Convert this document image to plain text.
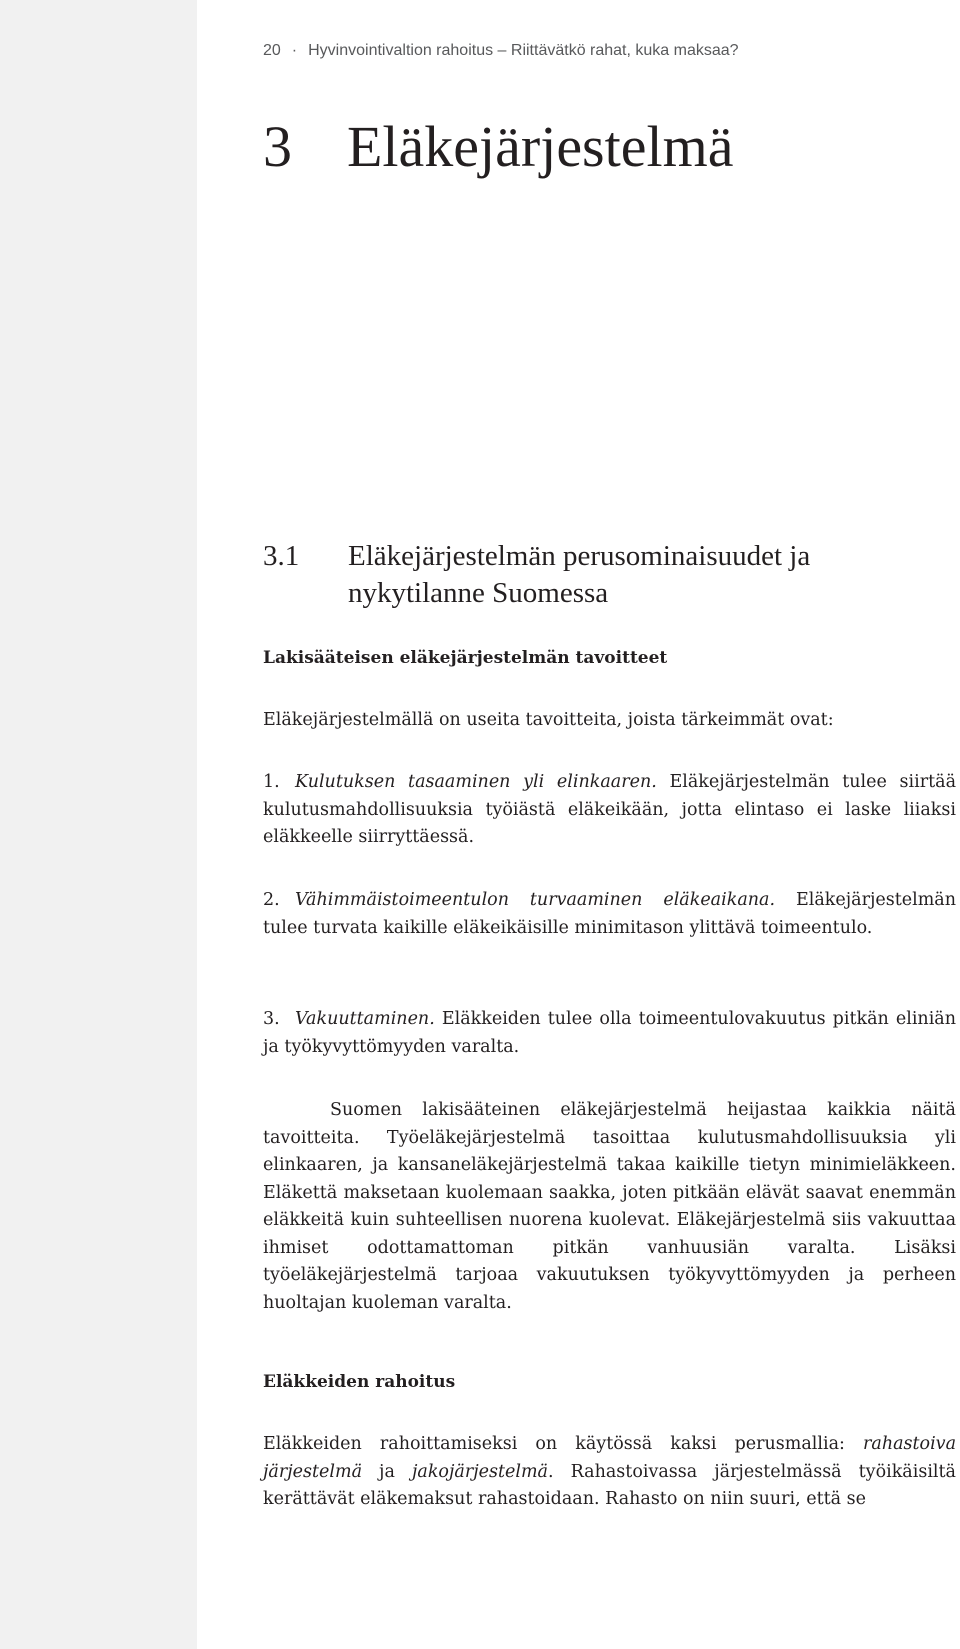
20 · Hyvinvointivaltion rahoitus – Riittävätkö rahat, kuka maksaa?
3 Eläkejärjestelmä
3.1 Eläkejärjestelmän perusominaisuudet ja nykytilanne Suomessa
Lakisääteisen eläkejärjestelmän tavoitteet
Eläkejärjestelmällä on useita tavoitteita, joista tärkeimmät ovat:
1. Kulutuksen tasaaminen yli elinkaaren. Eläkejärjestelmän tulee siirtää kulutusmahdollisuuksia työiästä eläkeikään, jotta elintaso ei laske liiaksi eläkkeelle siirryttäessä.
2. Vähimmäistoimeentulon turvaaminen eläkeaikana. Eläkejärjestelmän tulee turvata kaikille eläkeikäisille minimitason ylittävä toimeentulo.
3. Vakuuttaminen. Eläkkeiden tulee olla toimeentulovakuutus pitkän eliniän ja työkyvyttömyyden varalta.
Suomen lakisääteinen eläkejärjestelmä heijastaa kaikkia näitä tavoitteita. Työeläkejärjestelmä tasoittaa kulutusmahdollisuuksia yli elinkaaren, ja kansaneläkejärjestelmä takaa kaikille tietyn minimieläkkeen. Eläkettä maksetaan kuolemaan saakka, joten pitkään elävät saavat enemmän eläkkeitä kuin suhteellisen nuorena kuolevat. Eläkejärjestelmä siis vakuuttaa ihmiset odottamattoman pitkän vanhuusiän varalta. Lisäksi työeläkejärjestelmä tarjoaa vakuutuksen työkyvyttömyyden ja perheen huoltajan kuoleman varalta.
Eläkkeiden rahoitus
Eläkkeiden rahoittamiseksi on käytössä kaksi perusmallia: rahastoiva järjestelmä ja jakojärjestelmä. Rahastoivassa järjestelmässä työikäisiltä kerättävät eläkemaksut rahastoidaan. Rahasto on niin suuri, että se
